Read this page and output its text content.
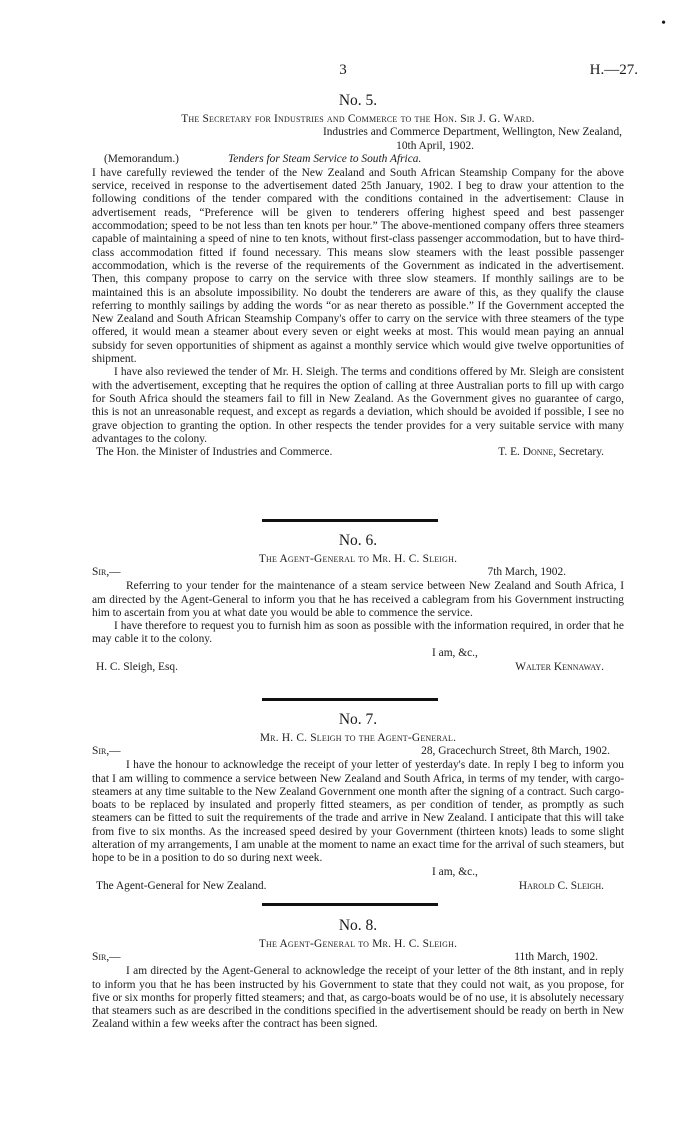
•
3	H.—27.
No. 5.
The Secretary for Industries and Commerce to the Hon. Sir J. G. Ward.
Industries and Commerce Department, Wellington, New Zealand,
10th April, 1902.
(Memorandum.)	Tenders for Steam Service to South Africa.

I have carefully reviewed the tender of the New Zealand and South African Steamship Company for the above service, received in response to the advertisement dated 25th January, 1902. I beg to draw your attention to the following conditions of the tender compared with the conditions contained in the advertisement: Clause in advertisement reads, “Preference will be given to tenderers offering highest speed and best passenger accommodation; speed to be not less than ten knots per hour.” The above-mentioned company offers three steamers capable of maintaining a speed of nine to ten knots, without first-class passenger accommodation, but to have third-class accommodation fitted if found necessary. This means slow steamers with the least possible passenger accommodation, which is the reverse of the requirements of the Government as indicated in the advertisement. Then, this company propose to carry on the service with three slow steamers. If monthly sailings are to be maintained this is an absolute impossibility. No doubt the tenderers are aware of this, as they qualify the clause referring to monthly sailings by adding the words “or as near thereto as possible.” If the Government accepted the New Zealand and South African Steamship Company's offer to carry on the service with three steamers of the type offered, it would mean a steamer about every seven or eight weeks at most. This would mean paying an annual subsidy for seven opportunities of shipment as against a monthly service which would give twelve opportunities of shipment.

I have also reviewed the tender of Mr. H. Sleigh. The terms and conditions offered by Mr. Sleigh are consistent with the advertisement, excepting that he requires the option of calling at three Australian ports to fill up with cargo for South Africa should the steamers fail to fill in New Zealand. As the Government gives no guarantee of cargo, this is not an unreasonable request, and except as regards a deviation, which should be avoided if possible, I see no grave objection to granting the option. In other respects the tender provides for a very suitable service with many advantages to the colony.

The Hon. the Minister of Industries and Commerce.	T. E. Donne, Secretary.
No. 6.
The Agent-General to Mr. H. C. Sleigh.
Sir,—	7th March, 1902.

Referring to your tender for the maintenance of a steam service between New Zealand and South Africa, I am directed by the Agent-General to inform you that he has received a cablegram from his Government instructing him to ascertain from you at what date you would be able to commence the service.

I have therefore to request you to furnish him as soon as possible with the information required, in order that he may cable it to the colony.

I am, &c.,
H. C. Sleigh, Esq.	Walter Kennaway.
No. 7.
Mr. H. C. Sleigh to the Agent-General.
Sir,—	28, Gracechurch Street, 8th March, 1902.

I have the honour to acknowledge the receipt of your letter of yesterday's date. In reply I beg to inform you that I am willing to commence a service between New Zealand and South Africa, in terms of my tender, with cargo-steamers at any time suitable to the New Zealand Government one month after the signing of a contract. Such cargo-boats to be replaced by insulated and properly fitted steamers, as per condition of tender, as promptly as such steamers can be fitted to suit the requirements of the trade and arrive in New Zealand. I anticipate that this will take from five to six months. As the increased speed desired by your Government (thirteen knots) leads to some slight alteration of my arrangements, I am unable at the moment to name an exact time for the arrival of such steamers, but hope to be in a position to do so during next week.

I am, &c.,
The Agent-General for New Zealand.	Harold C. Sleigh.
No. 8.
The Agent-General to Mr. H. C. Sleigh.
Sir,—	11th March, 1902.

I am directed by the Agent-General to acknowledge the receipt of your letter of the 8th instant, and in reply to inform you that he has been instructed by his Government to state that they could not wait, as you propose, for five or six months for properly fitted steamers; and that, as cargo-boats would be of no use, it is absolutely necessary that steamers such as are described in the conditions specified in the advertisement should be ready on berth in New Zealand within a few weeks after the contract has been signed.
